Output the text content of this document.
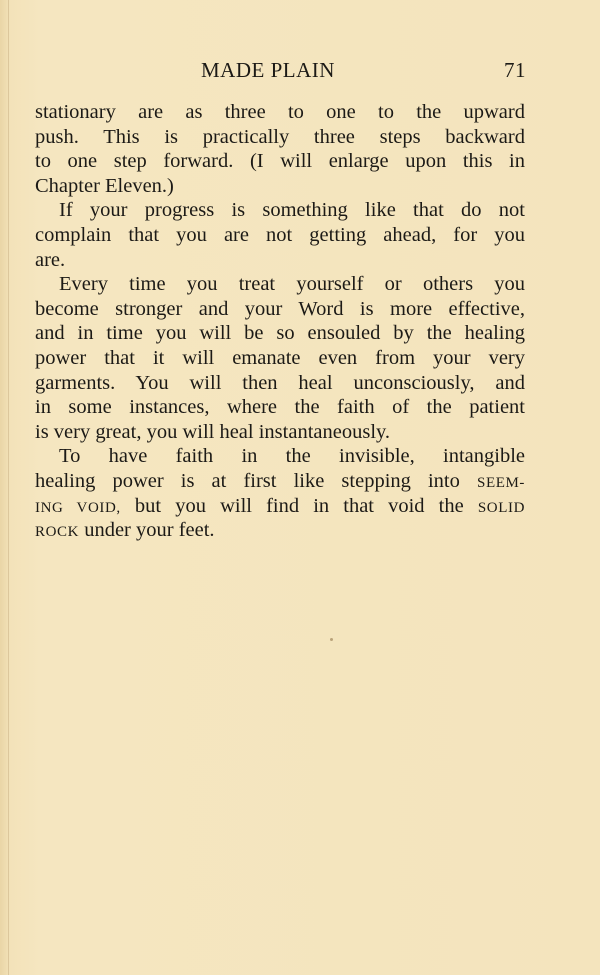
MADE PLAIN	71
stationary are as three to one to the upward
push. This is practically three steps backward
to one step forward. (I will enlarge upon this in
Chapter Eleven.)
If your progress is something like that do not
complain that you are not getting ahead, for you
are.
Every time you treat yourself or others you
become stronger and your Word is more effective,
and in time you will be so ensouled by the healing
power that it will emanate even from your very
garments. You will then heal unconsciously, and
in some instances, where the faith of the patient
is very great, you will heal instantaneously.
To have faith in the invisible, intangible
healing power is at first like stepping into SEEM-
ING VOID, but you will find in that void the SOLID
ROCK under your feet.
